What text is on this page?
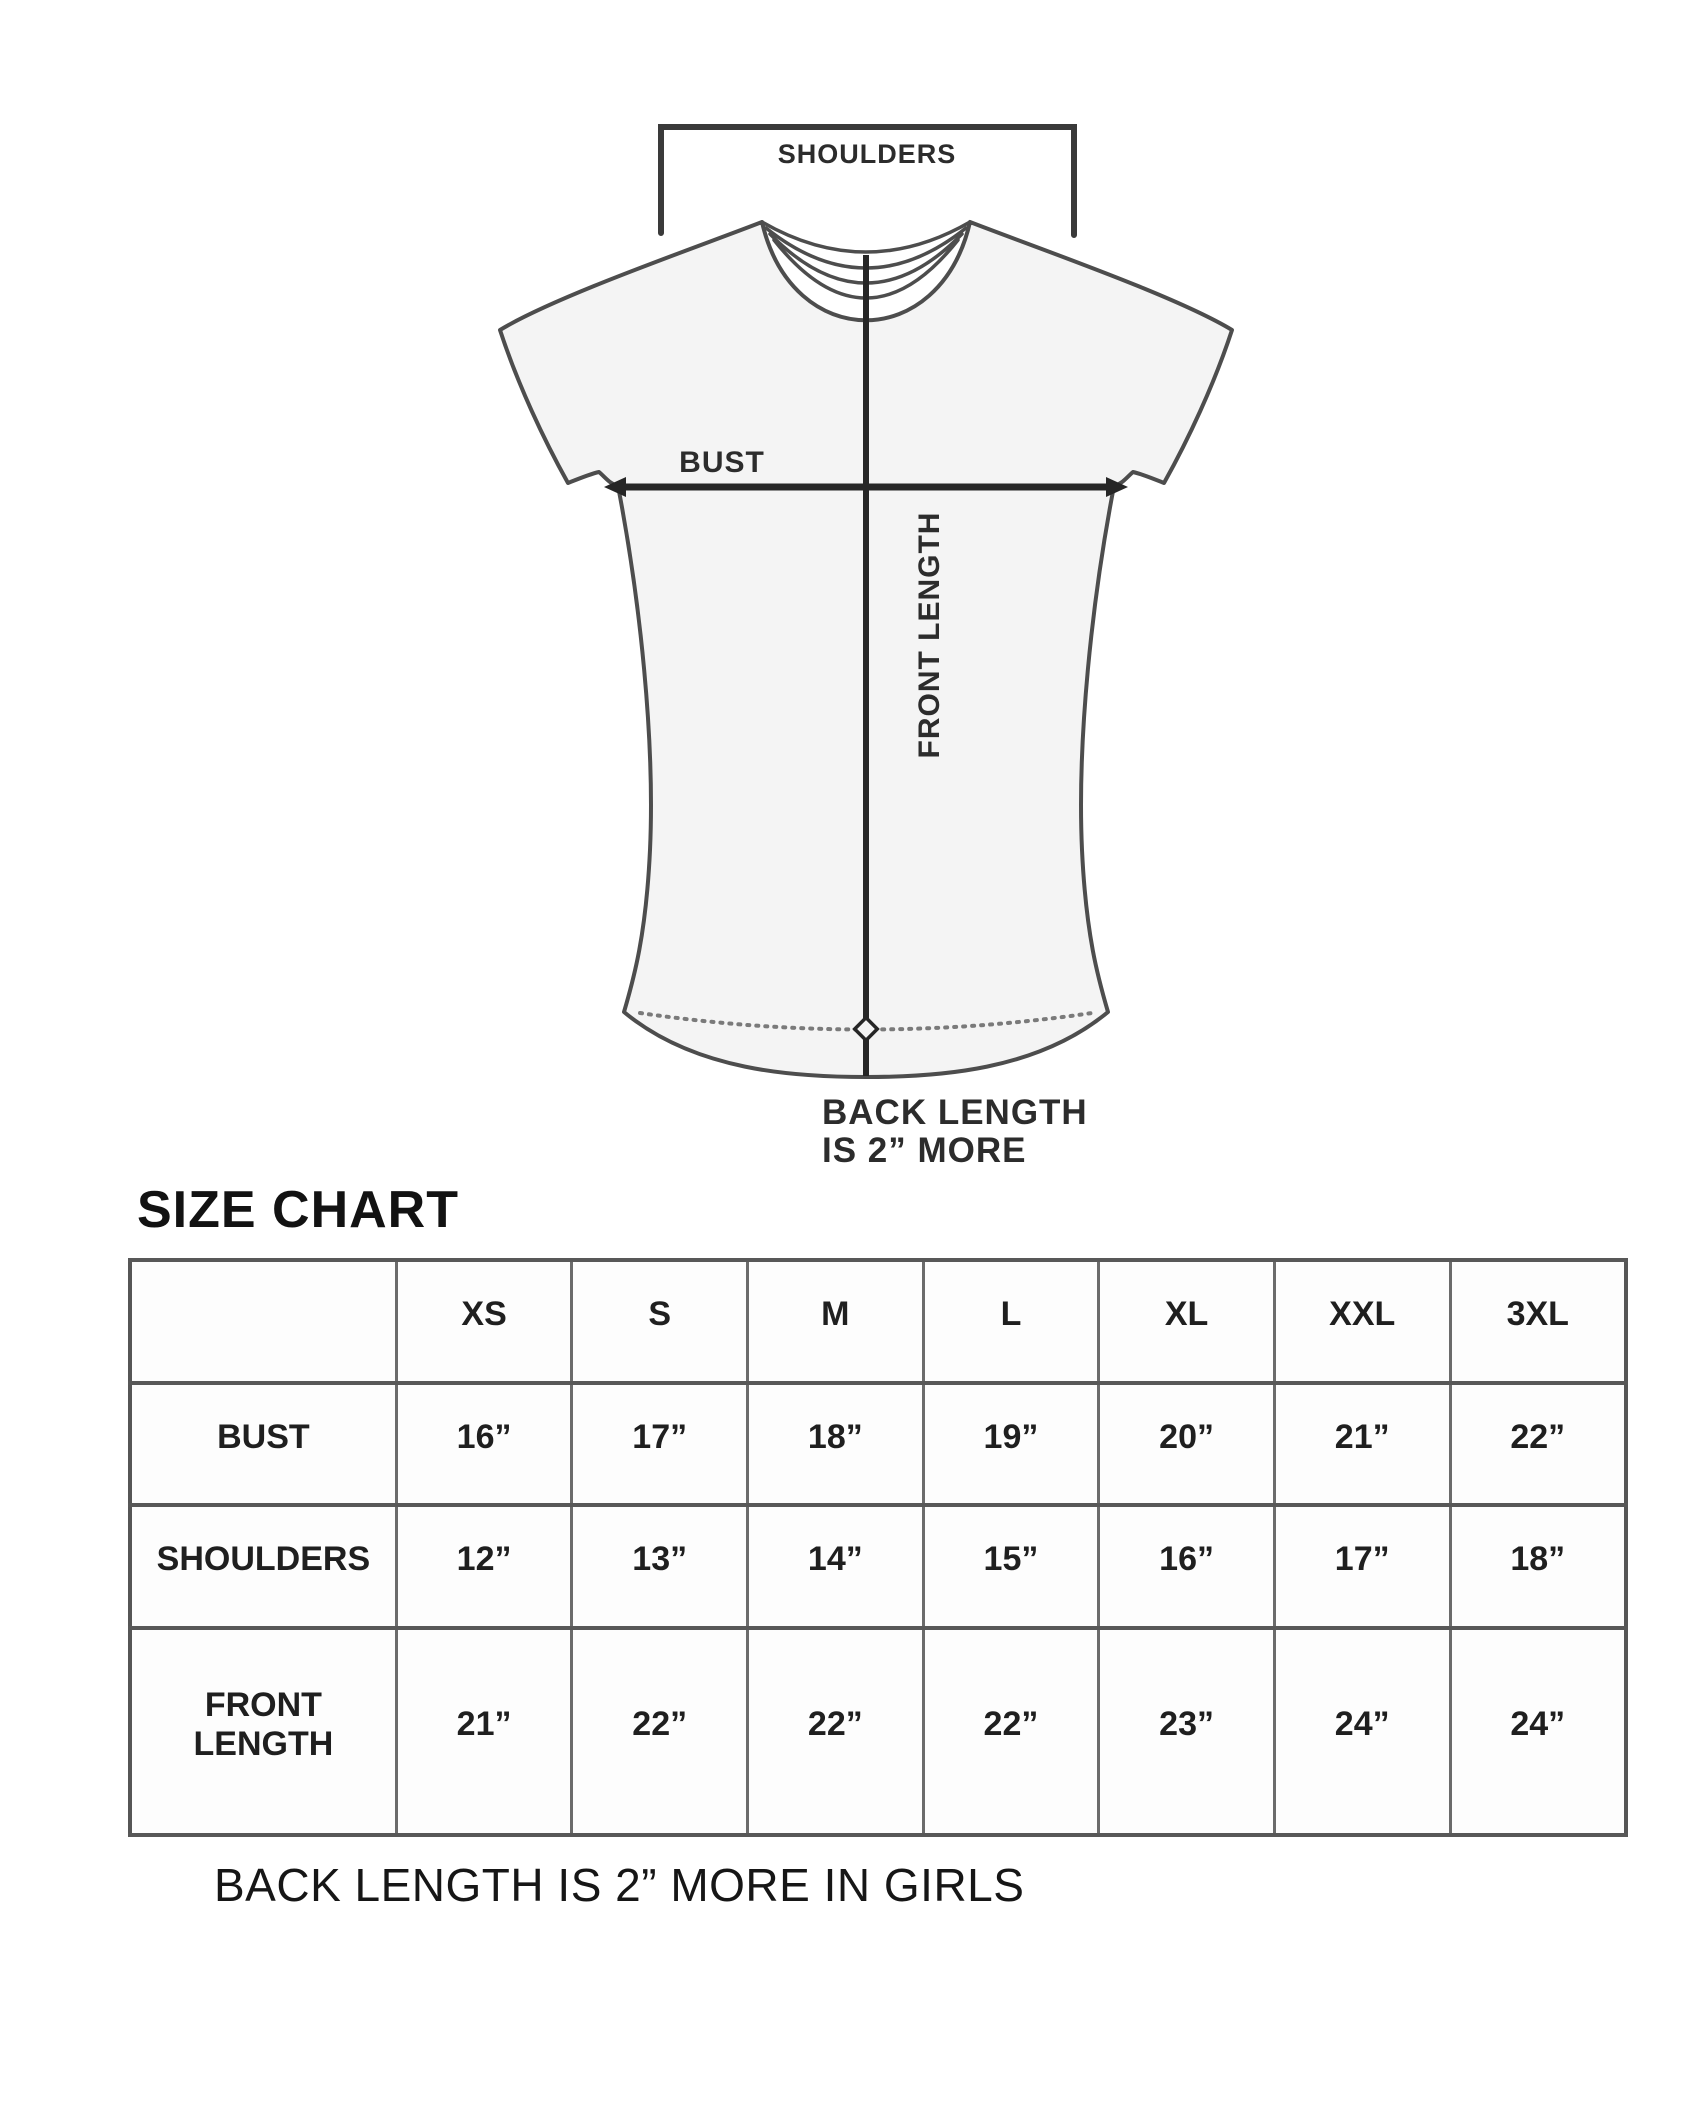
SHOULDERS
BUST
FRONT LENGTH
BACK LENGTH
IS 2” MORE
SIZE CHART
	XS	S	M	L	XL	XXL	3XL
BUST	16”	17”	18”	19”	20”	21”	22”
SHOULDERS	12”	13”	14”	15”	16”	17”	18”
FRONT LENGTH	21”	22”	22”	22”	23”	24”	24”
BACK LENGTH IS 2” MORE IN GIRLS
